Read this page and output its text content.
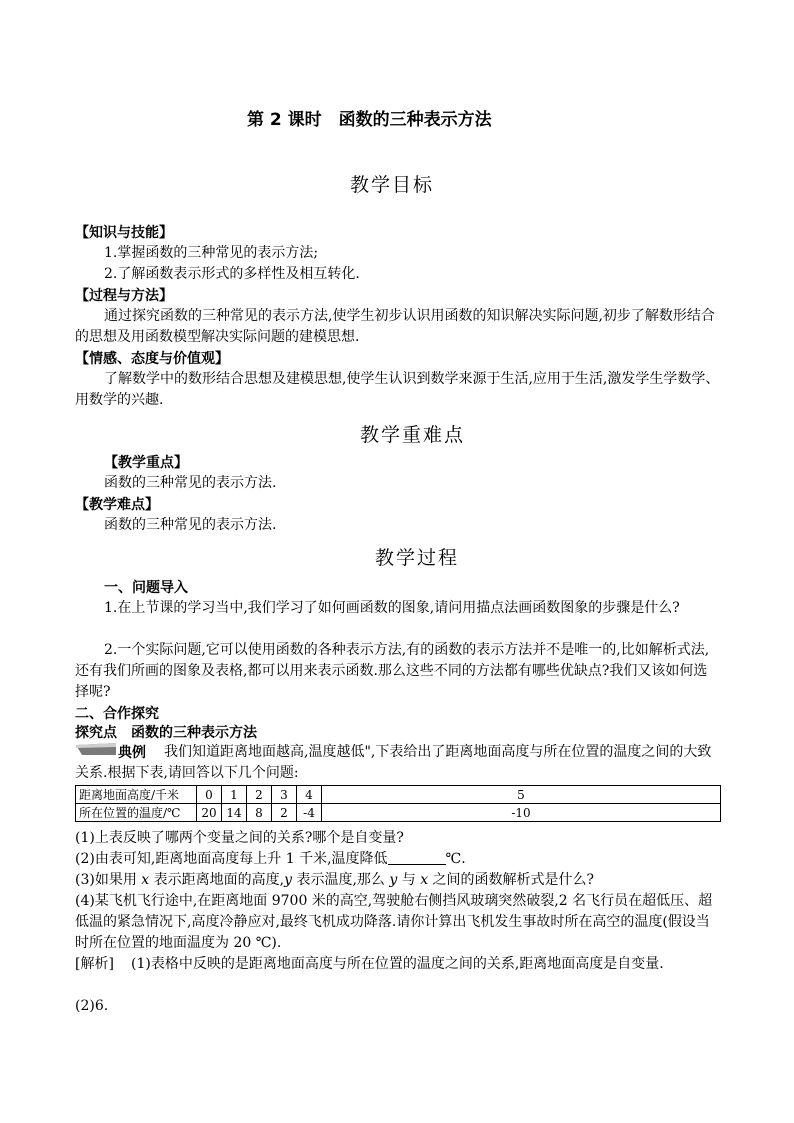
第 2 课时　函数的三种表示方法
教学目标
【知识与技能】
1.掌握函数的三种常见的表示方法;
2.了解函数表示形式的多样性及相互转化.
【过程与方法】
通过探究函数的三种常见的表示方法,使学生初步认识用函数的知识解决实际问题,初步了解数形结合的思想及用函数模型解决实际问题的建模思想.
【情感、态度与价值观】
了解数学中的数形结合思想及建模思想,使学生认识到数学来源于生活,应用于生活,激发学生学数学、用数学的兴趣.
教学重难点
【教学重点】
函数的三种常见的表示方法.
【教学难点】
函数的三种常见的表示方法.
教学过程
一、问题导入
1.在上节课的学习当中,我们学习了如何画函数的图象,请问用描点法画函数图象的步骤是什么?
2.一个实际问题,它可以使用函数的各种表示方法,有的函数的表示方法并不是唯一的,比如解析式法,还有我们所画的图象及表格,都可以用来表示函数.那么这些不同的方法都有哪些优缺点?我们又该如何选择呢?
二、合作探究
探究点　函数的三种表示方法
典例	我们知道距离地面越高,温度越低",下表给出了距离地面高度与所在位置的温度之间的大致关系.根据下表,请回答以下几个问题:
距离地面高度/千米	0	1	2	3	4	5
所在位置的温度/℃	20	14	8	2	-4	-10
(1)上表反映了哪两个变量之间的关系?哪个是自变量?
(2)由表可知,距离地面高度每上升 1 千米,温度降低	℃.
(3)如果用 x 表示距离地面的高度,y 表示温度,那么 y 与 x 之间的函数解析式是什么?
(4)某飞机飞行途中,在距离地面 9700 米的高空,驾驶舱右侧挡风玻璃突然破裂,2 名飞行员在超低压、超低温的紧急情况下,高度冷静应对,最终飞机成功降落.请你计算出飞机发生事故时所在高空的温度(假设当时所在位置的地面温度为 20 ℃).
[解析]	(1)表格中反映的是距离地面高度与所在位置的温度之间的关系,距离地面高度是自变量.
(2)6.
